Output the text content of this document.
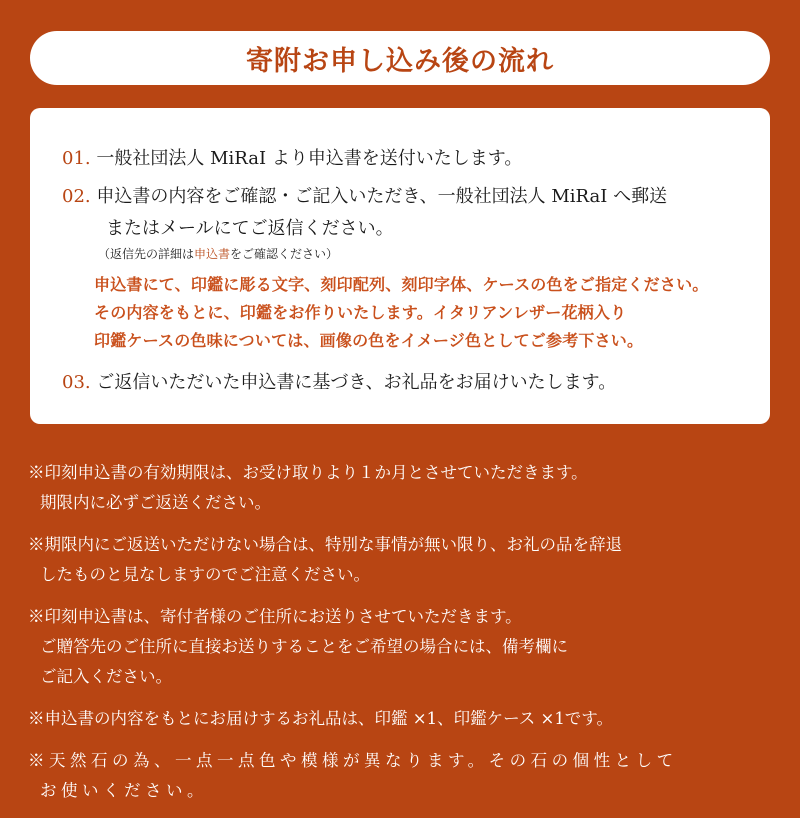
寄附お申し込み後の流れ
01. 一般社団法人 MiRaI より申込書を送付いたします。
02. 申込書の内容をご確認・ご記入いただき、一般社団法人 MiRaI へ郵送
またはメールにてご返信ください。
（返信先の詳細は申込書をご確認ください）
申込書にて、印鑑に彫る文字、刻印配列、刻印字体、ケースの色をご指定ください。
その内容をもとに、印鑑をお作りいたします。イタリアンレザー花柄入り
印鑑ケースの色味については、画像の色をイメージ色としてご参考下さい。
03. ご返信いただいた申込書に基づき、お礼品をお届けいたします。
※印刻申込書の有効期限は、お受け取りより１か月とさせていただきます。
期限内に必ずご返送ください。
※期限内にご返送いただけない場合は、特別な事情が無い限り、お礼の品を辞退
したものと見なしますのでご注意ください。
※印刻申込書は、寄付者様のご住所にお送りさせていただきます。
ご贈答先のご住所に直接お送りすることをご希望の場合には、備考欄に
ご記入ください。
※申込書の内容をもとにお届けするお礼品は、印鑑 ×1、印鑑ケース ×1です。
※天然石の為、一点一点色や模様が異なります。その石の個性として
お使いください。
